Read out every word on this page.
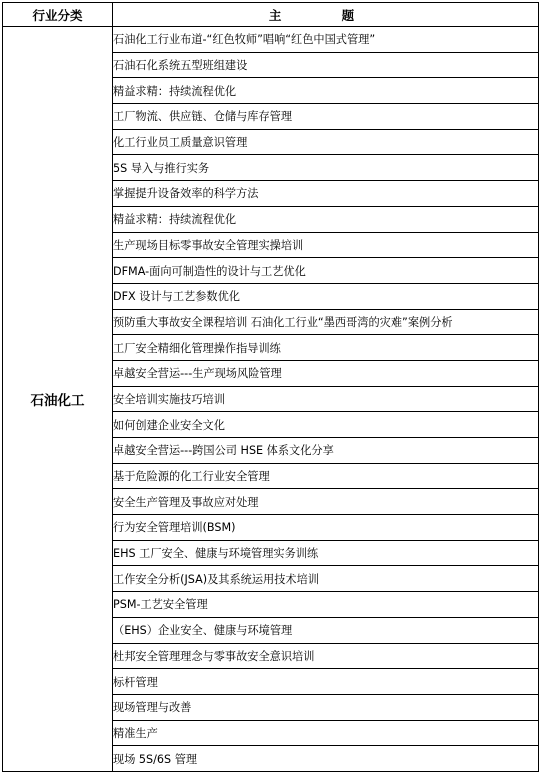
行业分类	主 题
石油化工	石油化工行业布道-“红色牧师”唱响“红色中国式管理”
	石油石化系统五型班组建设
	精益求精：持续流程优化
	工厂物流、供应链、仓储与库存管理
	化工行业员工质量意识管理
	5S 导入与推行实务
	掌握提升设备效率的科学方法
	精益求精：持续流程优化
	生产现场目标零事故安全管理实操培训
	DFMA-面向可制造性的设计与工艺优化
	DFX 设计与工艺参数优化
	预防重大事故安全课程培训 石油化工行业“墨西哥湾的灾难”案例分析
	工厂安全精细化管理操作指导训练
	卓越安全营运---生产现场风险管理
	安全培训实施技巧培训
	如何创建企业安全文化
	卓越安全营运---跨国公司 HSE 体系文化分享
	基于危险源的化工行业安全管理
	安全生产管理及事故应对处理
	行为安全管理培训(BSM)
	EHS 工厂安全、健康与环境管理实务训练
	工作安全分析(JSA)及其系统运用技术培训
	PSM-工艺安全管理
	（EHS）企业安全、健康与环境管理
	杜邦安全管理理念与零事故安全意识培训
	标杆管理
	现场管理与改善
	精准生产
	现场 5S/6S 管理
